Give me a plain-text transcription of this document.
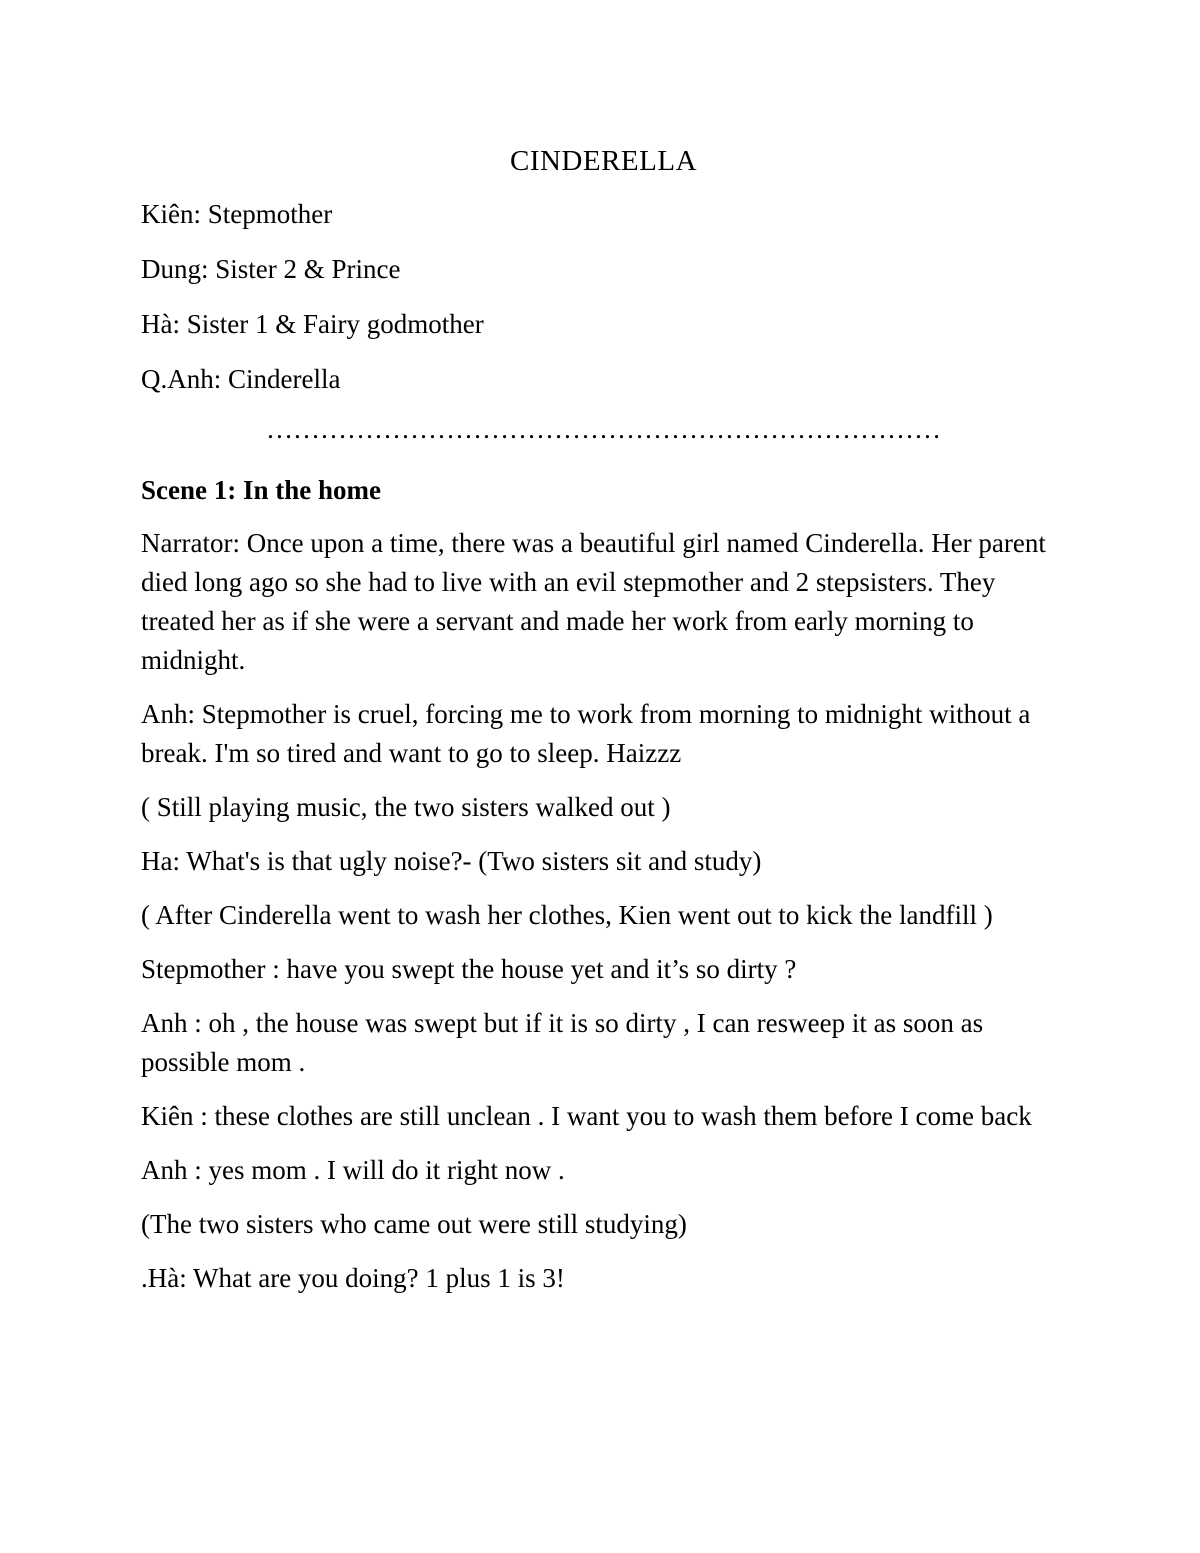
CINDERELLA
Kiên: Stepmother
Dung: Sister 2 & Prince
Hà: Sister 1 & Fairy godmother
Q.Anh: Cinderella
…………………………………………………………………
Scene 1: In the home

Narrator: Once upon a time, there was a beautiful girl named Cinderella. Her parent died long ago so she had to live with an evil stepmother and 2 stepsisters. They treated her as if she were a servant and made her work from early morning to midnight.

Anh: Stepmother is cruel, forcing me to work from morning to midnight without a break. I'm so tired and want to go to sleep. Haizzz

( Still playing music, the two sisters walked out )

Ha: What's is that ugly noise?- (Two sisters sit and study)

( After Cinderella went to wash her clothes, Kien went out to kick the landfill )

Stepmother : have you swept the house yet and it’s so dirty ?

Anh : oh , the house was swept but if it is so dirty , I can resweep it as soon as possible mom .

Kiên : these clothes are still unclean . I want you to wash them before I come back

Anh : yes mom . I will do it right now .

(The two sisters who came out were still studying)

.Hà: What are you doing? 1 plus 1 is 3!
